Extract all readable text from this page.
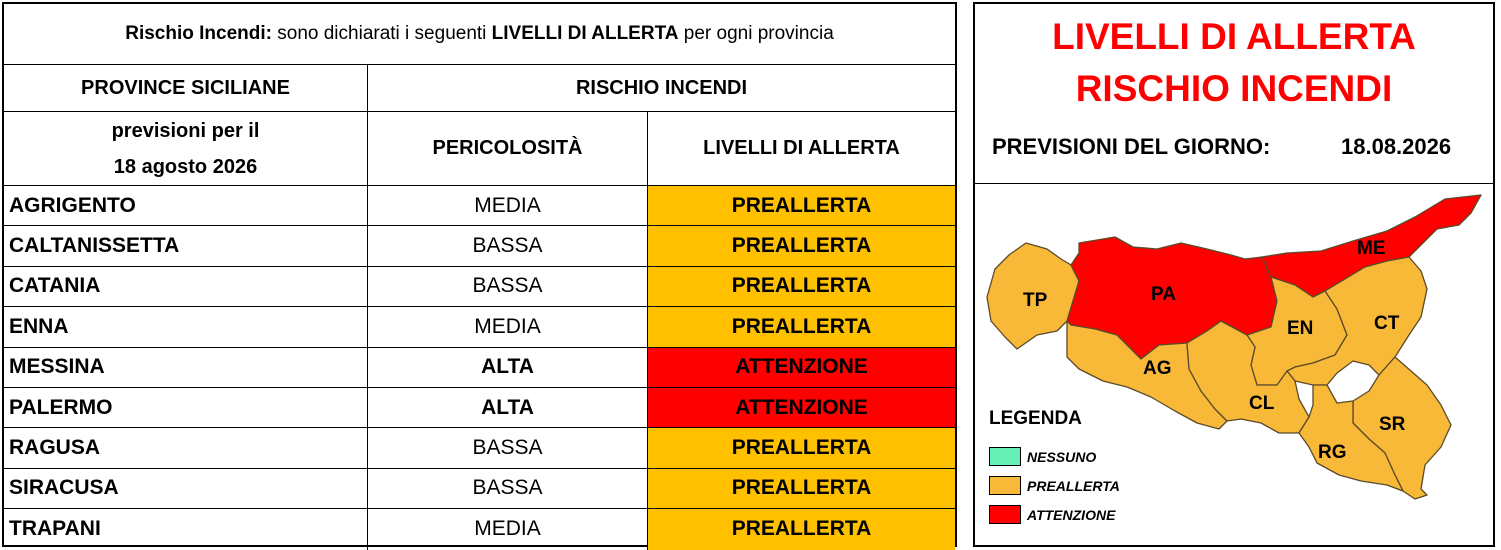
Rischio Incendi: sono dichiarati i seguenti LIVELLI DI ALLERTA per ogni provincia
PROVINCE SICILIANE	RISCHIO INCENDI
previsioni per il
18 agosto 2026
PERICOLOSITÀ	LIVELLI DI ALLERTA
AGRIGENTO	MEDIA	PREALLERTA
CALTANISSETTA	BASSA	PREALLERTA
CATANIA	BASSA	PREALLERTA
ENNA	MEDIA	PREALLERTA
MESSINA	ALTA	ATTENZIONE
PALERMO	ALTA	ATTENZIONE
RAGUSA	BASSA	PREALLERTA
SIRACUSA	BASSA	PREALLERTA
TRAPANI	MEDIA	PREALLERTA
LIVELLI DI ALLERTA
RISCHIO INCENDI
PREVISIONI DEL GIORNO:	18.08.2026
TP	PA
ME
EN	CT
AG
CL
SR
RG
LEGENDA
NESSUNO
PREALLERTA
ATTENZIONE
